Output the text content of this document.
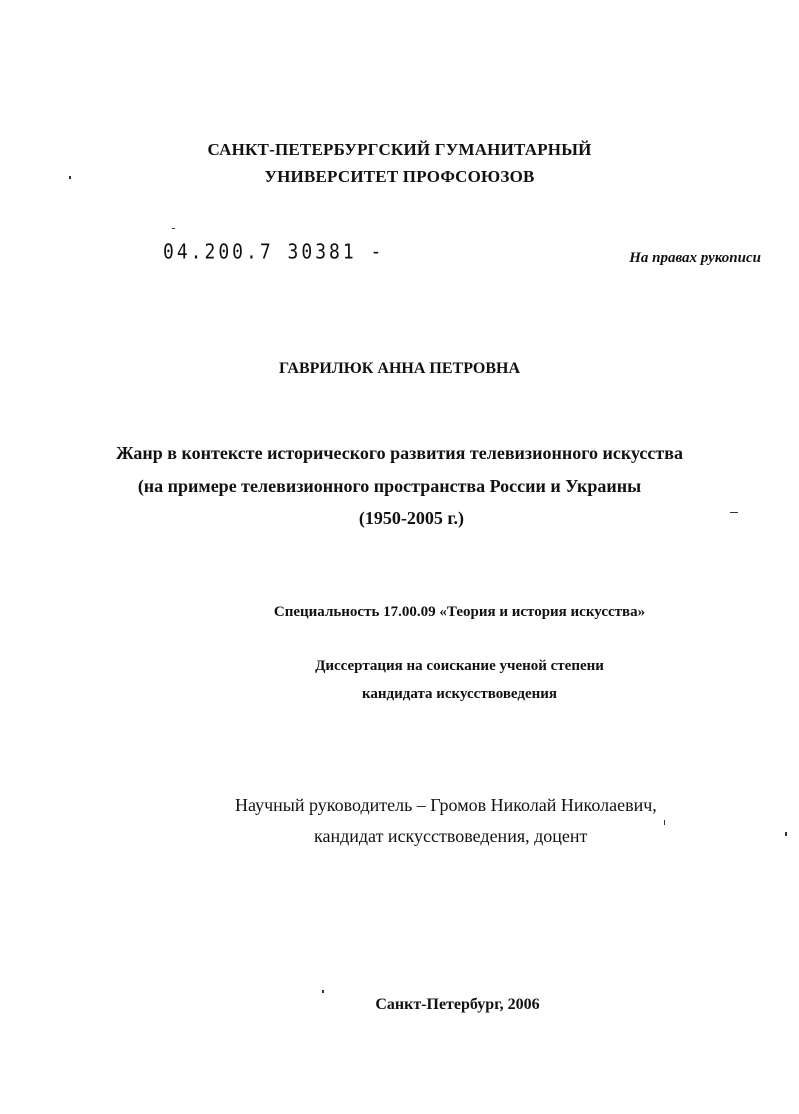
САНКТ-ПЕТЕРБУРГСКИЙ ГУМАНИТАРНЫЙ
УНИВЕРСИТЕТ ПРОФСОЮЗОВ
04.200.7 30381 -	На правах рукописи
ГАВРИЛЮК АННА ПЕТРОВНА
Жанр в контексте исторического развития телевизионного искусства
(на примере телевизионного пространства России и Украины
(1950-2005 г.)
Специальность 17.00.09 «Теория и история искусства»
Диссертация на соискание ученой степени
кандидата искусствоведения
Научный руководитель – Громов Николай Николаевич,
кандидат искусствоведения, доцент
Санкт-Петербург, 2006
